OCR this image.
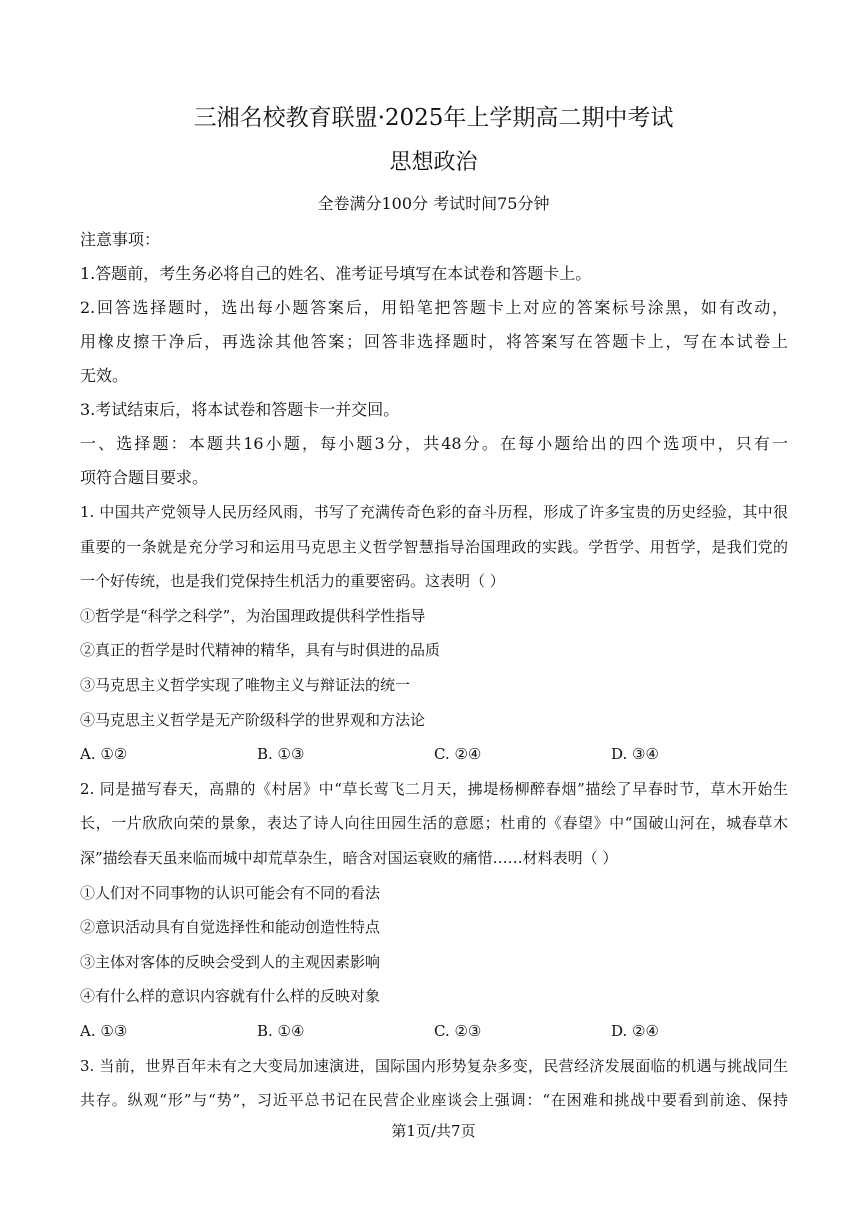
三湘名校教育联盟·2025年上学期高二期中考试
思想政治
全卷满分100分 考试时间75分钟
注意事项：
1.答题前，考生务必将自己的姓名、准考证号填写在本试卷和答题卡上。
2.回答选择题时，选出每小题答案后，用铅笔把答题卡上对应的答案标号涂黑，如有改动，
用橡皮擦干净后，再选涂其他答案；回答非选择题时，将答案写在答题卡上，写在本试卷上
无效。
3.考试结束后，将本试卷和答题卡一并交回。
一、选择题：本题共16小题，每小题3分，共48分。在每小题给出的四个选项中，只有一
项符合题目要求。
1. 中国共产党领导人民历经风雨，书写了充满传奇色彩的奋斗历程，形成了许多宝贵的历史经验，其中很
重要的一条就是充分学习和运用马克思主义哲学智慧指导治国理政的实践。学哲学、用哲学，是我们党的
一个好传统，也是我们党保持生机活力的重要密码。这表明（ ）
①哲学是“科学之科学”，为治国理政提供科学性指导
②真正的哲学是时代精神的精华，具有与时俱进的品质
③马克思主义哲学实现了唯物主义与辩证法的统一
④马克思主义哲学是无产阶级科学的世界观和方法论
A. ①②	B. ①③	C. ②④	D. ③④
2. 同是描写春天，高鼎的《村居》中“草长莺飞二月天，拂堤杨柳醉春烟”描绘了早春时节，草木开始生
长，一片欣欣向荣的景象，表达了诗人向往田园生活的意愿；杜甫的《春望》中“国破山河在，城春草木
深”描绘春天虽来临而城中却荒草杂生，暗含对国运衰败的痛惜……材料表明（ ）
①人们对不同事物的认识可能会有不同的看法
②意识活动具有自觉选择性和能动创造性特点
③主体对客体的反映会受到人的主观因素影响
④有什么样的意识内容就有什么样的反映对象
A. ①③	B. ①④	C. ②③	D. ②④
3. 当前，世界百年未有之大变局加速演进，国际国内形势复杂多变，民营经济发展面临的机遇与挑战同生
共存。纵观“形”与“势”，习近平总书记在民营企业座谈会上强调：“在困难和挑战中要看到前途、保持
第1页/共7页
